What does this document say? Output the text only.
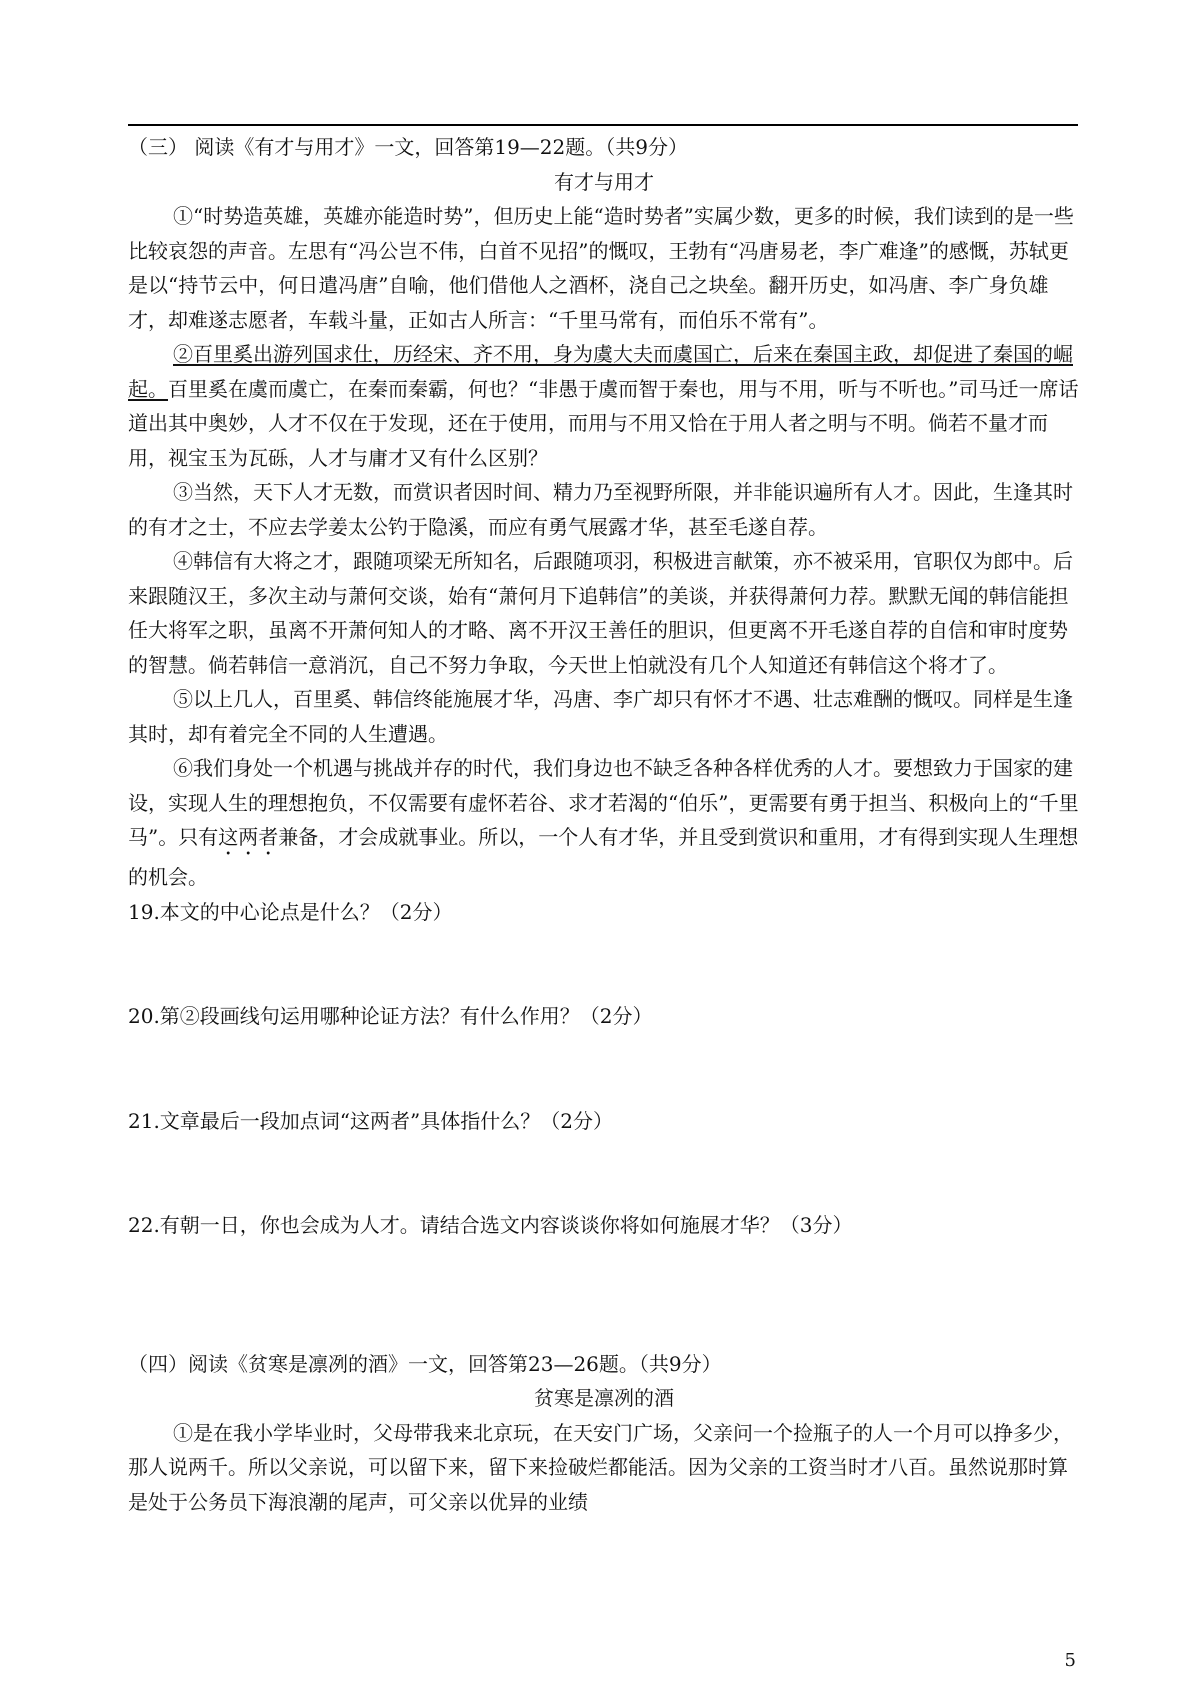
（三） 阅读《有才与用才》一文，回答第19—22题。（共9分）

有才与用才

①“时势造英雄，英雄亦能造时势”，但历史上能“造时势者”实属少数，更多的时候，我们读到的是一些比较哀怨的声音。左思有“冯公岂不伟，白首不见招”的慨叹，王勃有“冯唐易老，李广难逢”的感慨，苏轼更是以“持节云中，何日遣冯唐”自喻，他们借他人之酒杯，浇自己之块垒。翻开历史，如冯唐、李广身负雄才，却难遂志愿者，车载斗量，正如古人所言：“千里马常有，而伯乐不常有”。

②百里奚出游列国求仕，历经宋、齐不用，身为虞大夫而虞国亡，后来在秦国主政，却促进了秦国的崛起。百里奚在虞而虞亡，在秦而秦霸，何也？“非愚于虞而智于秦也，用与不用，听与不听也。”司马迁一席话道出其中奥妙，人才不仅在于发现，还在于使用，而用与不用又恰在于用人者之明与不明。倘若不量才而用，视宝玉为瓦砾，人才与庸才又有什么区别？

③当然，天下人才无数，而赏识者因时间、精力乃至视野所限，并非能识遍所有人才。因此，生逢其时的有才之士，不应去学姜太公钓于隐溪，而应有勇气展露才华，甚至毛遂自荐。

④韩信有大将之才，跟随项梁无所知名，后跟随项羽，积极进言献策，亦不被采用，官职仅为郎中。后来跟随汉王，多次主动与萧何交谈，始有“萧何月下追韩信”的美谈，并获得萧何力荐。默默无闻的韩信能担任大将军之职，虽离不开萧何知人的才略、离不开汉王善任的胆识，但更离不开毛遂自荐的自信和审时度势的智慧。倘若韩信一意消沉，自己不努力争取，今天世上怕就没有几个人知道还有韩信这个将才了。

⑤以上几人，百里奚、韩信终能施展才华，冯唐、李广却只有怀才不遇、壮志难酬的慨叹。同样是生逢其时，却有着完全不同的人生遭遇。

⑥我们身处一个机遇与挑战并存的时代，我们身边也不缺乏各种各样优秀的人才。要想致力于国家的建设，实现人生的理想抱负，不仅需要有虚怀若谷、求才若渴的“伯乐”，更需要有勇于担当、积极向上的“千里马”。只有这两者兼备，才会成就事业。所以，一个人有才华，并且受到赏识和重用，才有得到实现人生理想的机会。

19.本文的中心论点是什么？（2分）

20.第②段画线句运用哪种论证方法？有什么作用？（2分）

21.文章最后一段加点词“这两者”具体指什么？（2分）

22.有朝一日，你也会成为人才。请结合选文内容谈谈你将如何施展才华？（3分）

（四）阅读《贫寒是凛冽的酒》一文，回答第23—26题。（共9分）

贫寒是凛冽的酒

①是在我小学毕业时，父母带我来北京玩，在天安门广场，父亲问一个捡瓶子的人一个月可以挣多少，那人说两千。所以父亲说，可以留下来，留下来捡破烂都能活。因为父亲的工资当时才八百。虽然说那时算是处于公务员下海浪潮的尾声，可父亲以优异的业绩

5
